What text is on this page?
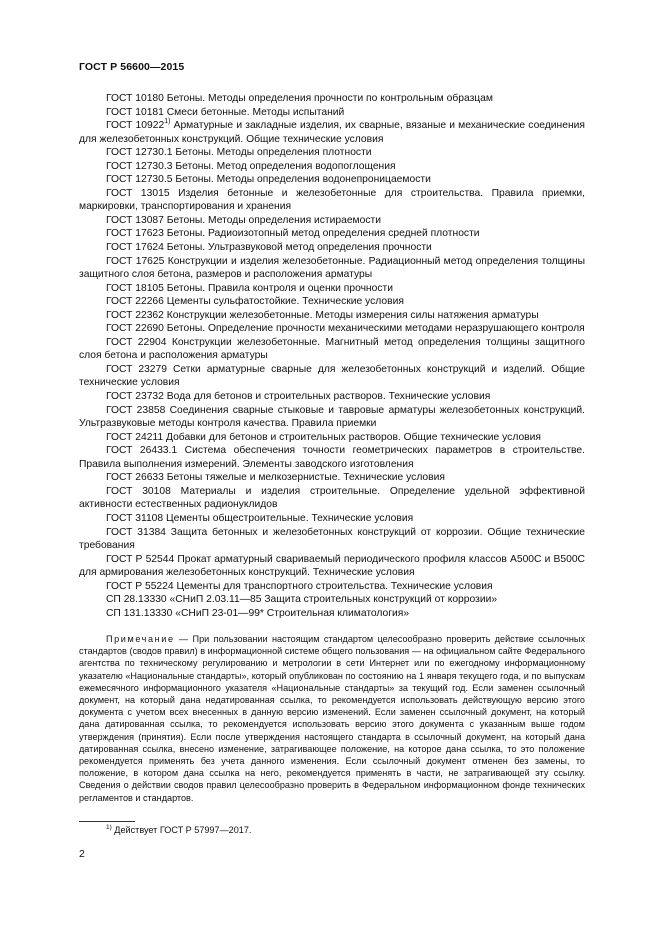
ГОСТ Р 56600—2015
ГОСТ 10180 Бетоны. Методы определения прочности по контрольным образцам
ГОСТ 10181 Смеси бетонные. Методы испытаний
ГОСТ 10922$^{1)}$ Арматурные и закладные изделия, их сварные, вязаные и механические соединения для железобетонных конструкций. Общие технические условия
ГОСТ 12730.1 Бетоны. Методы определения плотности
ГОСТ 12730.3 Бетоны. Метод определения водопоглощения
ГОСТ 12730.5 Бетоны. Методы определения водонепроницаемости
ГОСТ 13015 Изделия бетонные и железобетонные для строительства. Правила приемки, маркировки, транспортирования и хранения
ГОСТ 13087 Бетоны. Методы определения истираемости
ГОСТ 17623 Бетоны. Радиоизотопный метод определения средней плотности
ГОСТ 17624 Бетоны. Ультразвуковой метод определения прочности
ГОСТ 17625 Конструкции и изделия железобетонные. Радиационный метод определения толщины защитного слоя бетона, размеров и расположения арматуры
ГОСТ 18105 Бетоны. Правила контроля и оценки прочности
ГОСТ 22266 Цементы сульфатостойкие. Технические условия
ГОСТ 22362 Конструкции железобетонные. Методы измерения силы натяжения арматуры
ГОСТ 22690 Бетоны. Определение прочности механическими методами неразрушающего контроля
ГОСТ 22904 Конструкции железобетонные. Магнитный метод определения толщины защитного слоя бетона и расположения арматуры
ГОСТ 23279 Сетки арматурные сварные для железобетонных конструкций и изделий. Общие технические условия
ГОСТ 23732 Вода для бетонов и строительных растворов. Технические условия
ГОСТ 23858 Соединения сварные стыковые и тавровые арматуры железобетонных конструкций. Ультразвуковые методы контроля качества. Правила приемки
ГОСТ 24211 Добавки для бетонов и строительных растворов. Общие технические условия
ГОСТ 26433.1 Система обеспечения точности геометрических параметров в строительстве. Правила выполнения измерений. Элементы заводского изготовления
ГОСТ 26633 Бетоны тяжелые и мелкозернистые. Технические условия
ГОСТ 30108 Материалы и изделия строительные. Определение удельной эффективной активности естественных радионуклидов
ГОСТ 31108 Цементы общестроительные. Технические условия
ГОСТ 31384 Защита бетонных и железобетонных конструкций от коррозии. Общие технические требования
ГОСТ Р 52544 Прокат арматурный свариваемый периодического профиля классов А500С и В500С для армирования железобетонных конструкций. Технические условия
ГОСТ Р 55224 Цементы для транспортного строительства. Технические условия
СП 28.13330 «СНиП 2.03.11—85 Защита строительных конструкций от коррозии»
СП 131.13330 «СНиП 23-01—99* Строительная климатология»
Примечание — При пользовании настоящим стандартом целесообразно проверить действие ссылочных стандартов (сводов правил) в информационной системе общего пользования — на официальном сайте Федерального агентства по техническому регулированию и метрологии в сети Интернет или по ежегодному информационному указателю «Национальные стандарты», который опубликован по состоянию на 1 января текущего года, и по выпускам ежемесячного информационного указателя «Национальные стандарты» за текущий год. Если заменен ссылочный документ, на который дана недатированная ссылка, то рекомендуется использовать действующую версию этого документа с учетом всех внесенных в данную версию изменений. Если заменен ссылочный документ, на который дана датированная ссылка, то рекомендуется использовать версию этого документа с указанным выше годом утверждения (принятия). Если после утверждения настоящего стандарта в ссылочный документ, на который дана датированная ссылка, внесено изменение, затрагивающее положение, на которое дана ссылка, то это положение рекомендуется применять без учета данного изменения. Если ссылочный документ отменен без замены, то положение, в котором дана ссылка на него, рекомендуется применять в части, не затрагивающей эту ссылку. Сведения о действии сводов правил целесообразно проверить в Федеральном информационном фонде технических регламентов и стандартов.
$^{1)}$ Действует ГОСТ Р 57997—2017.
2
